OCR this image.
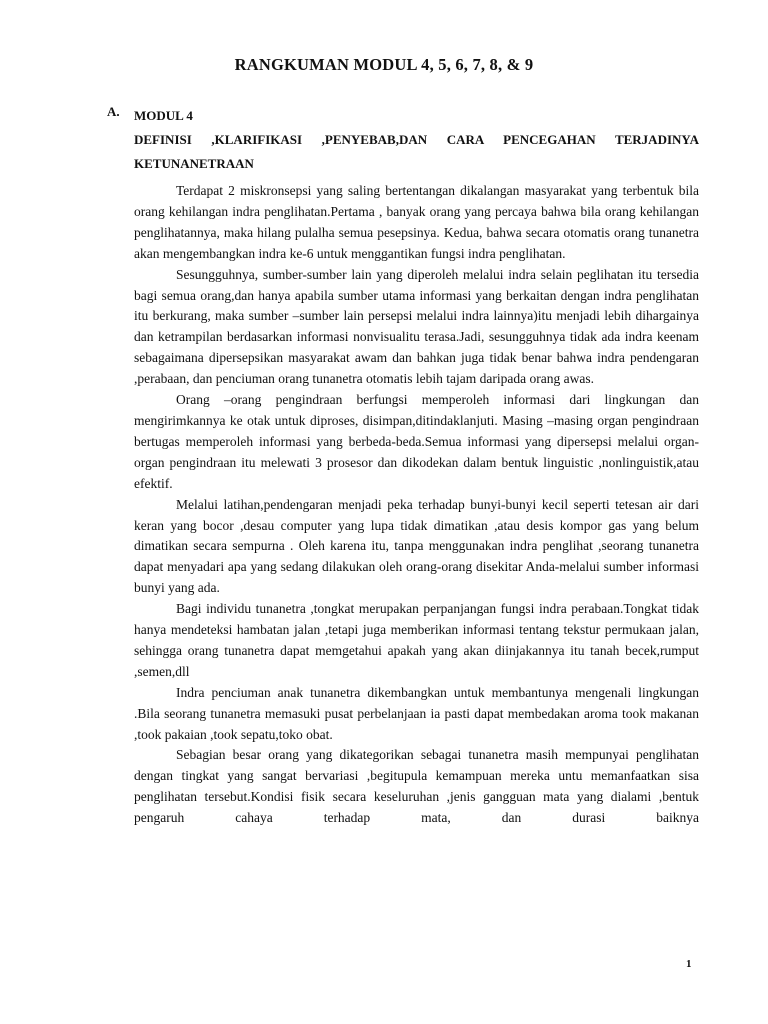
RANGKUMAN MODUL 4, 5, 6, 7, 8, & 9
A. MODUL 4
DEFINISI ,KLARIFIKASI ,PENYEBAB,DAN CARA PENCEGAHAN TERJADINYA
KETUNANETRAAN

Terdapat 2 miskronsepsi yang saling bertentangan dikalangan masyarakat yang terbentuk bila orang kehilangan indra penglihatan.Pertama , banyak orang yang percaya bahwa bila orang kehilangan penglihatannya, maka hilang pulalha semua pesepsinya. Kedua, bahwa secara otomatis orang tunanetra akan mengembangkan indra ke-6 untuk menggantikan fungsi indra penglihatan.

Sesungguhnya, sumber-sumber lain yang diperoleh melalui indra selain peglihatan itu tersedia bagi semua orang,dan hanya apabila sumber utama informasi yang berkaitan dengan indra penglihatan itu berkurang, maka sumber –sumber lain persepsi melalui indra lainnya)itu menjadi lebih dihargainya dan ketrampilan berdasarkan informasi nonvisualitu terasa.Jadi, sesungguhnya tidak ada indra keenam sebagaimana dipersepsikan masyarakat awam dan bahkan juga tidak benar bahwa indra pendengaran ,perabaan, dan penciuman orang tunanetra otomatis lebih tajam daripada orang awas.

Orang –orang pengindraan berfungsi memperoleh informasi dari lingkungan dan mengirimkannya ke otak untuk diproses, disimpan,ditindaklanjuti. Masing –masing organ pengindraan bertugas memperoleh informasi yang berbeda-beda.Semua informasi yang dipersepsi melalui organ-organ pengindraan itu melewati 3 prosesor dan dikodekan dalam bentuk linguistic ,nonlinguistik,atau efektif.

Melalui latihan,pendengaran menjadi peka terhadap bunyi-bunyi kecil seperti tetesan air dari keran yang bocor ,desau computer yang lupa tidak dimatikan ,atau desis kompor gas yang belum dimatikan secara sempurna . Oleh karena itu, tanpa menggunakan indra penglihat ,seorang tunanetra dapat menyadari apa yang sedang dilakukan oleh orang-orang disekitar Anda-melalui sumber informasi bunyi yang ada.

Bagi individu tunanetra ,tongkat merupakan perpanjangan fungsi indra perabaan.Tongkat tidak hanya mendeteksi hambatan jalan ,tetapi juga memberikan informasi tentang tekstur permukaan jalan, sehingga orang tunanetra dapat memgetahui apakah yang akan diinjakannya itu tanah becek,rumput ,semen,dll

Indra penciuman anak tunanetra dikembangkan untuk membantunya mengenali lingkungan .Bila seorang tunanetra memasuki pusat perbelanjaan ia pasti dapat membedakan aroma took makanan ,took pakaian ,took sepatu,toko obat.

Sebagian besar orang yang dikategorikan sebagai tunanetra masih mempunyai penglihatan dengan tingkat yang sangat bervariasi ,begitupula kemampuan mereka untu memanfaatkan sisa penglihatan tersebut.Kondisi fisik secara keseluruhan ,jenis gangguan mata yang dialami ,bentuk pengaruh cahaya terhadap mata, dan durasi baiknya

1
